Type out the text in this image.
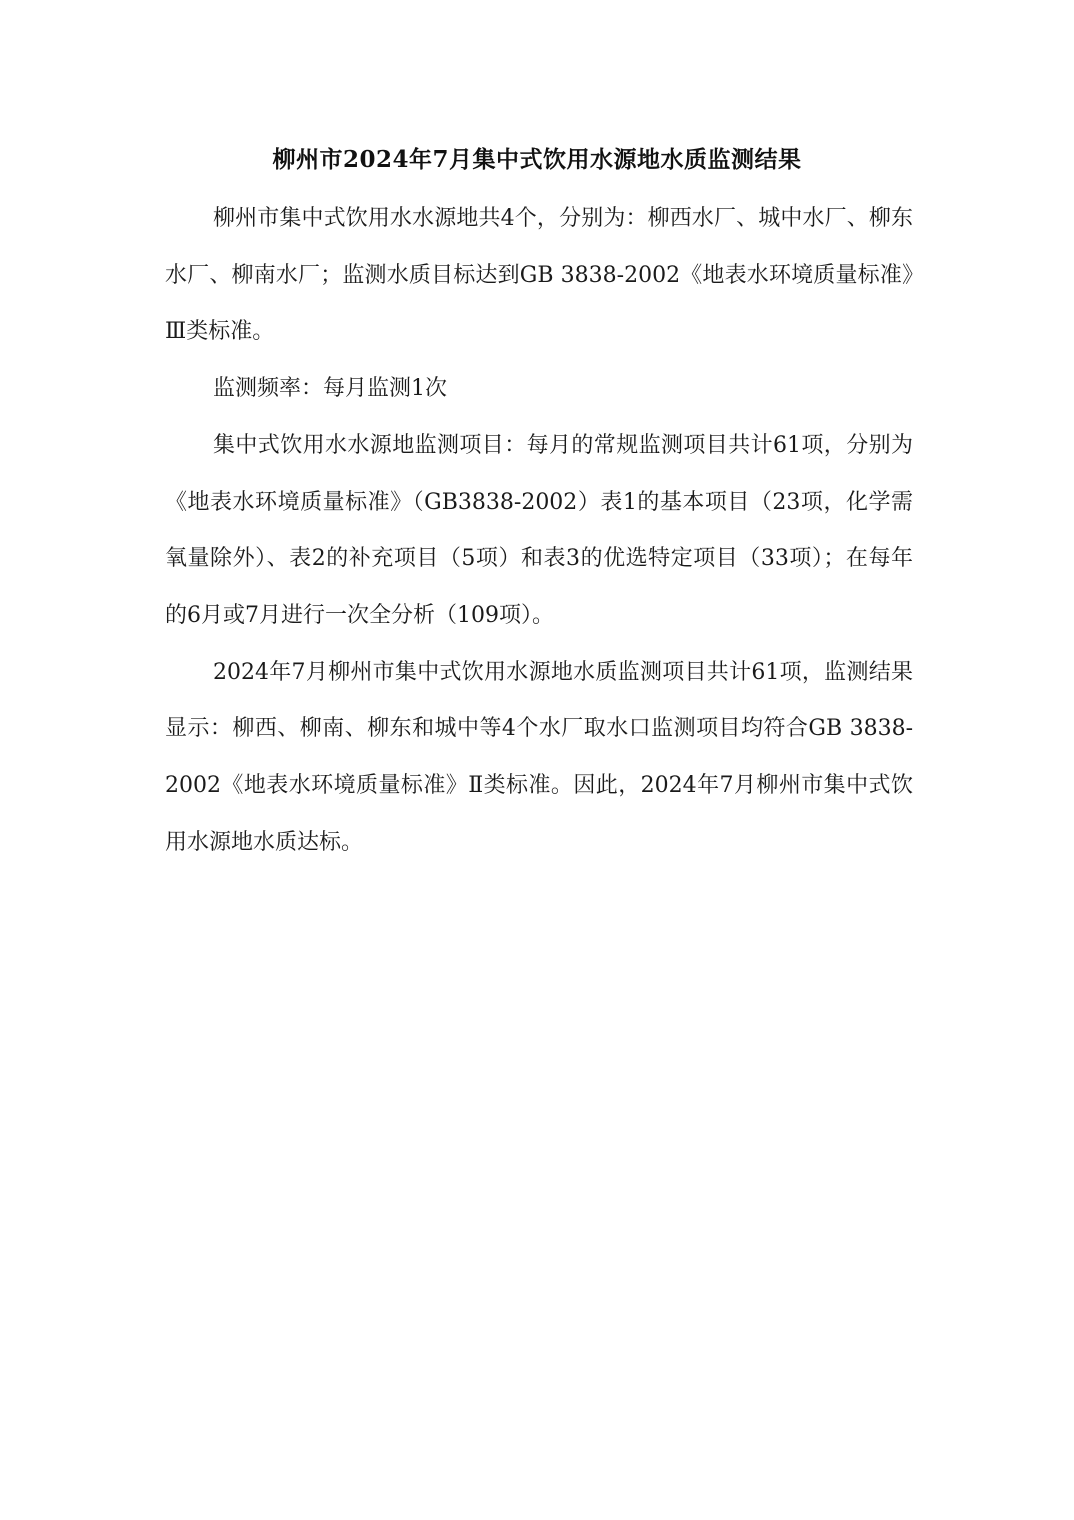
柳州市2024年7月集中式饮用水源地水质监测结果

柳州市集中式饮用水水源地共4个，分别为：柳西水厂、城中水厂、柳东水厂、柳南水厂；监测水质目标达到GB 3838-2002《地表水环境质量标准》Ⅲ类标准。

监测频率：每月监测1次

集中式饮用水水源地监测项目：每月的常规监测项目共计61项，分别为《地表水环境质量标准》（GB3838-2002）表1的基本项目（23项，化学需氧量除外）、表2的补充项目（5项）和表3的优选特定项目（33项）；在每年的6月或7月进行一次全分析（109项）。

2024年7月柳州市集中式饮用水源地水质监测项目共计61项，监测结果显示：柳西、柳南、柳东和城中等4个水厂取水口监测项目均符合GB 3838-2002《地表水环境质量标准》Ⅱ类标准。因此，2024年7月柳州市集中式饮用水源地水质达标。
